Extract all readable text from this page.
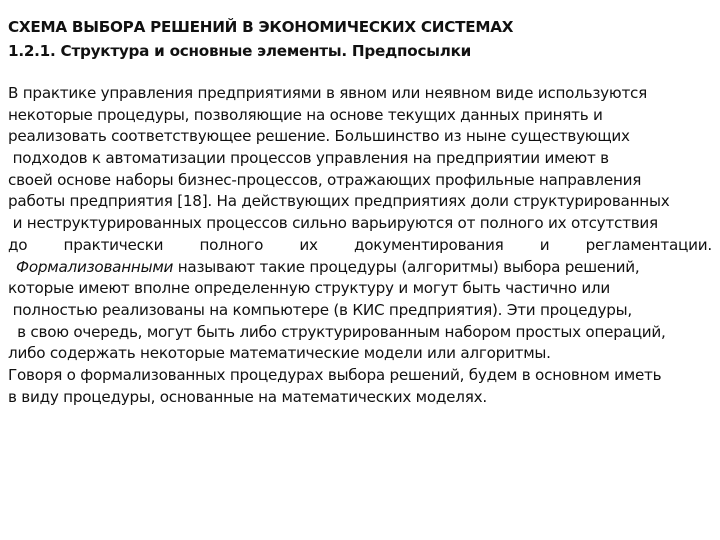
СХЕМА ВЫБОРА РЕШЕНИЙ В ЭКОНОМИЧЕСКИХ СИСТЕМАХ
1.2.1. Структура и основные элементы. Предпосылки
В практике управления предприятиями в явном или неявном виде используются
некоторые процедуры, позволяющие на основе текущих данных принять и
реализовать соответствующее решение. Большинство из ныне существующих
подходов к автоматизации процессов управления на предприятии имеют в
своей основе наборы бизнес-процессов, отражающих профильные направления
работы предприятия [18]. На действующих предприятиях доли структурированных
и неструктурированных процессов сильно варьируются от полного их отсутствия
до практически полного их документирования и регламентации.
Формализованными называют такие процедуры (алгоритмы) выбора решений,
которые имеют вполне определенную структуру и могут быть частично или
полностью реализованы на компьютере (в КИС предприятия). Эти процедуры,
в свою очередь, могут быть либо структурированным набором простых операций,
либо содержать некоторые математические модели или алгоритмы.
Говоря о формализованных процедурах выбора решений, будем в основном иметь
в виду процедуры, основанные на математических моделях.
